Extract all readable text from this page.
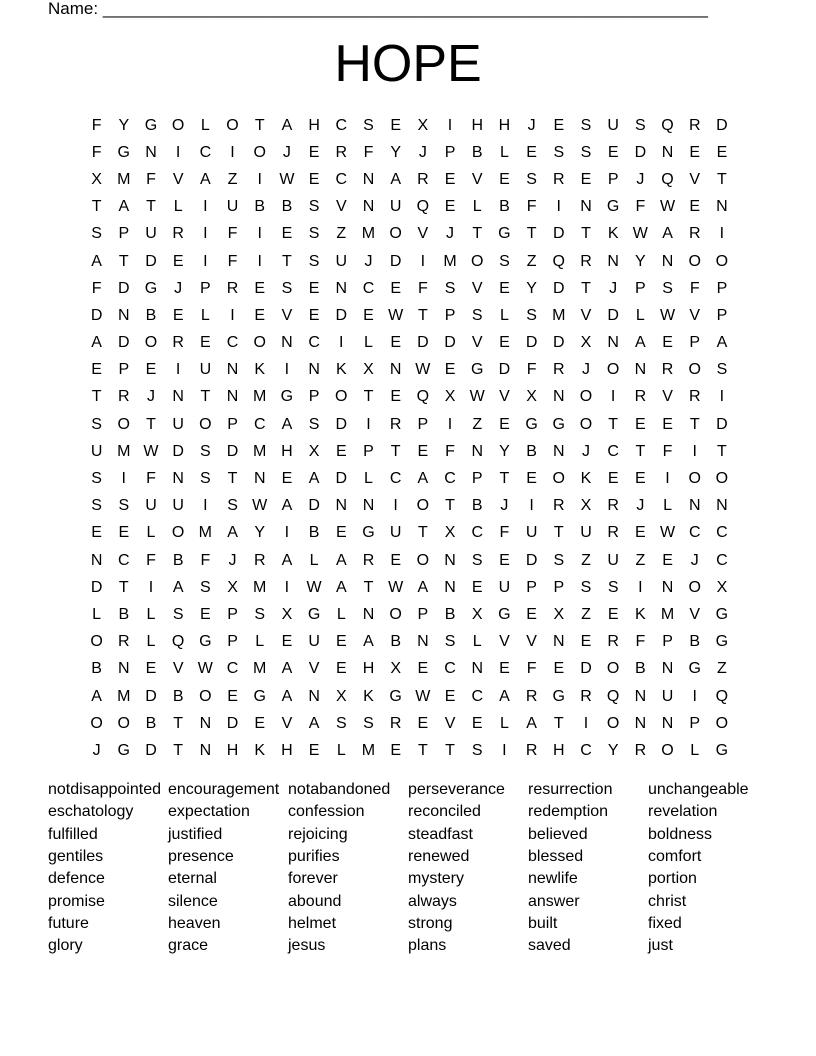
Name: ________________________________________________________________
HOPE
F	Y G O	L	O	T	A	H C	S	E	X	I	H H	J	E	S	U	S Q R D
F	G N	I	C	I	O	J	E	R	F	Y	J	P	B	L	E	S	S	E	D N	E	E
X M F	V	A	Z	I	W E	C N	A	R	E	V	E	S	R	E	P	J	Q V	T
T	A	T	L	I	U	B	B	S	V	N U Q E	L	B	F	I	N G	F W E	N
S	P	U R	I	F	I	E	S	Z M O V	J	T	G	T	D	T	K W A	R	I
A	T	D	E	I	F	I	T	S	U	J	D	I	M O S	Z	Q R N	Y	N O O
F	D G	J	P	R	E	S	E	N C	E	F	S	V	E	Y	D	T	J	P	S	F	P
D N	B	E	L	I	E	V	E	D	E W T	P	S	L	S M V	D	L W V	P
A	D O R	E	C O N C	I	L	E	D D	V	E	D D	X	N	A	E	P	A
E	P	E	I	U N	K	I	N	K	X	N W E G D	F	R	J	O N R O S
T	R	J	N	T	N M G P O	T	E Q X W V	X	N O	I	R	V	R	I
S O	T	U O P	C	A	S	D	I	R	P	I	Z	E G G O	T	E	E	T	D
U M W D	S	D M H	X	E	P	T	E	F	N	Y	B	N	J	C	T	F	I	T
S	I	F	N	S	T	N	E	A	D	L	C	A	C	P	T	E O K	E	E	I	O O
S	S	U U	I	S W A	D N N	I	O	T	B	J	I	R	X	R	J	L	N N
E	E	L	O M A	Y	I	B	E G U	T	X	C	F	U	T	U R	E W C C
N C	F	B	F	J	R	A	L	A	R	E O N	S	E	D	S	Z	U	Z	E	J	C
D	T	I	A	S	X M	I	W A	T W A	N	E	U	P	P	S	S	I	N O X
L	B	L	S	E	P	S	X G	L	N O P	B	X G E	X	Z	E	K M V G
O R	L	Q G P	L	E	U	E	A	B	N	S	L	V	V	N	E	R	F	P	B G
B	N	E	V W C M A	V	E	H	X	E	C N	E	F	E	D O B	N G	Z
A M D	B O E G A	N	X	K G W E	C	A	R G R Q N U	I	Q
O O B	T	N D	E	V	A	S	S	R	E	V	E	L	A	T	I	O N N	P O
J	G D	T	N H	K	H	E	L	M E	T	T	S	I	R H C	Y	R O	L	G
notdisappointed encouragement notabandoned	perseverance	resurrection	unchangeable
eschatology	expectation	confession	reconciled	redemption	revelation
fulfilled	justified	rejoicing	steadfast	believed	boldness
gentiles	presence	purifies	renewed	blessed	comfort
defence	eternal	forever	mystery	newlife	portion
promise	silence	abound	always	answer	christ
future	heaven	helmet	strong	built	fixed
glory	grace	jesus	plans	saved	just
